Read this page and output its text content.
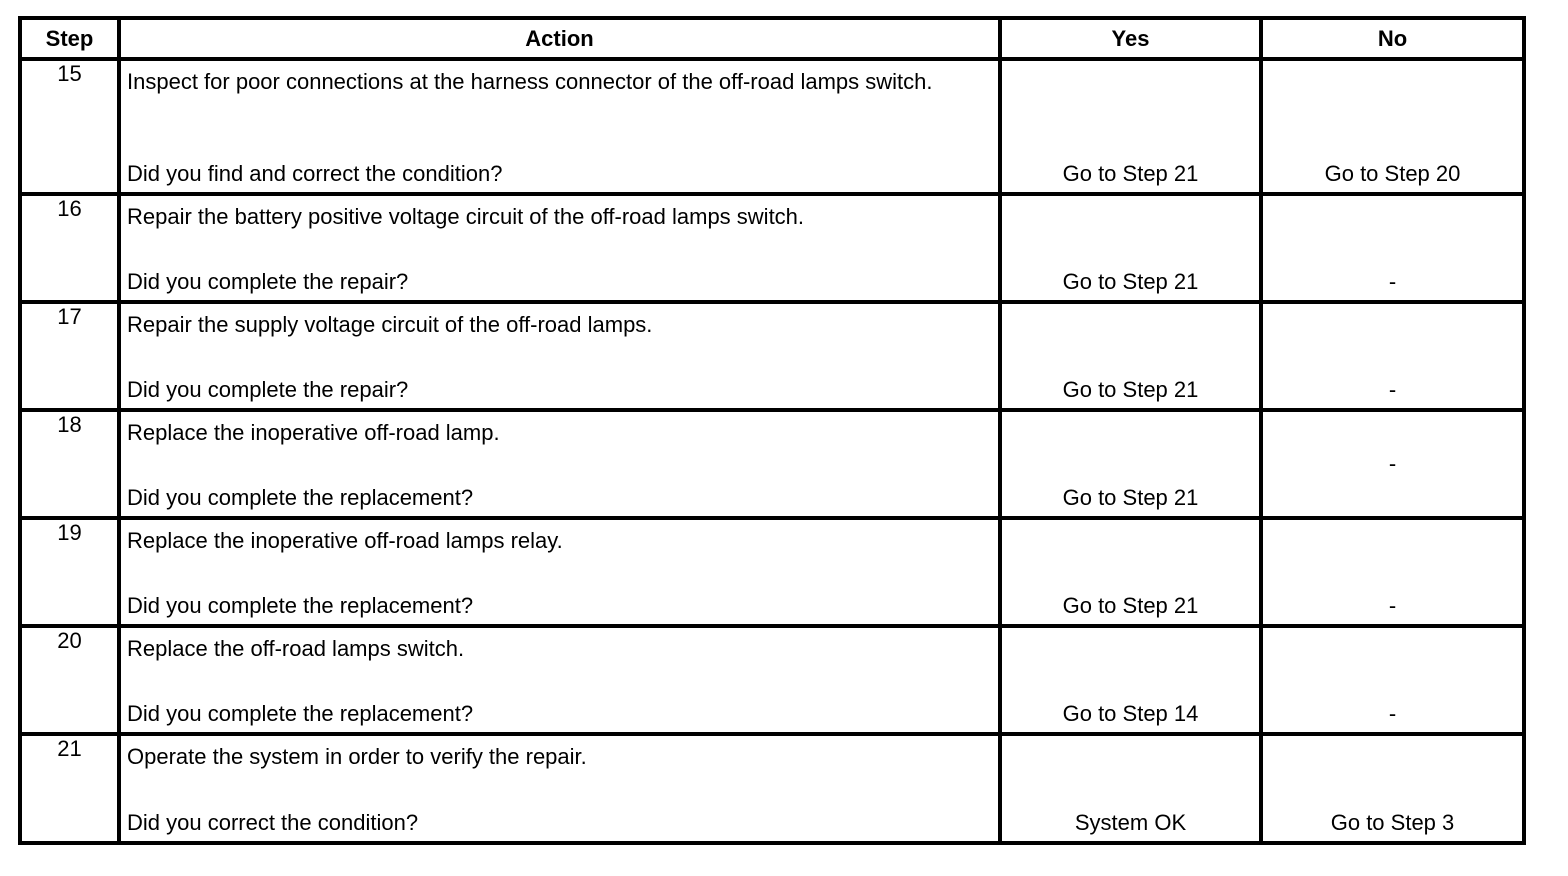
Step	Action	Yes	No
15	Inspect for poor connections at the harness connector of the off-road lamps switch.
Did you find and correct the condition?	Go to Step 21	Go to Step 20

16	Repair the battery positive voltage circuit of the off-road lamps switch.
Did you complete the repair?	Go to Step 21	-

17	Repair the supply voltage circuit of the off-road lamps.
Did you complete the repair?	Go to Step 21	-

18	Replace the inoperative off-road lamp.
Did you complete the replacement?	Go to Step 21	-

19	Replace the inoperative off-road lamps relay.
Did you complete the replacement?	Go to Step 21	-

20	Replace the off-road lamps switch.
Did you complete the replacement?	Go to Step 14	-

21	Operate the system in order to verify the repair.
Did you correct the condition?	System OK	Go to Step 3
